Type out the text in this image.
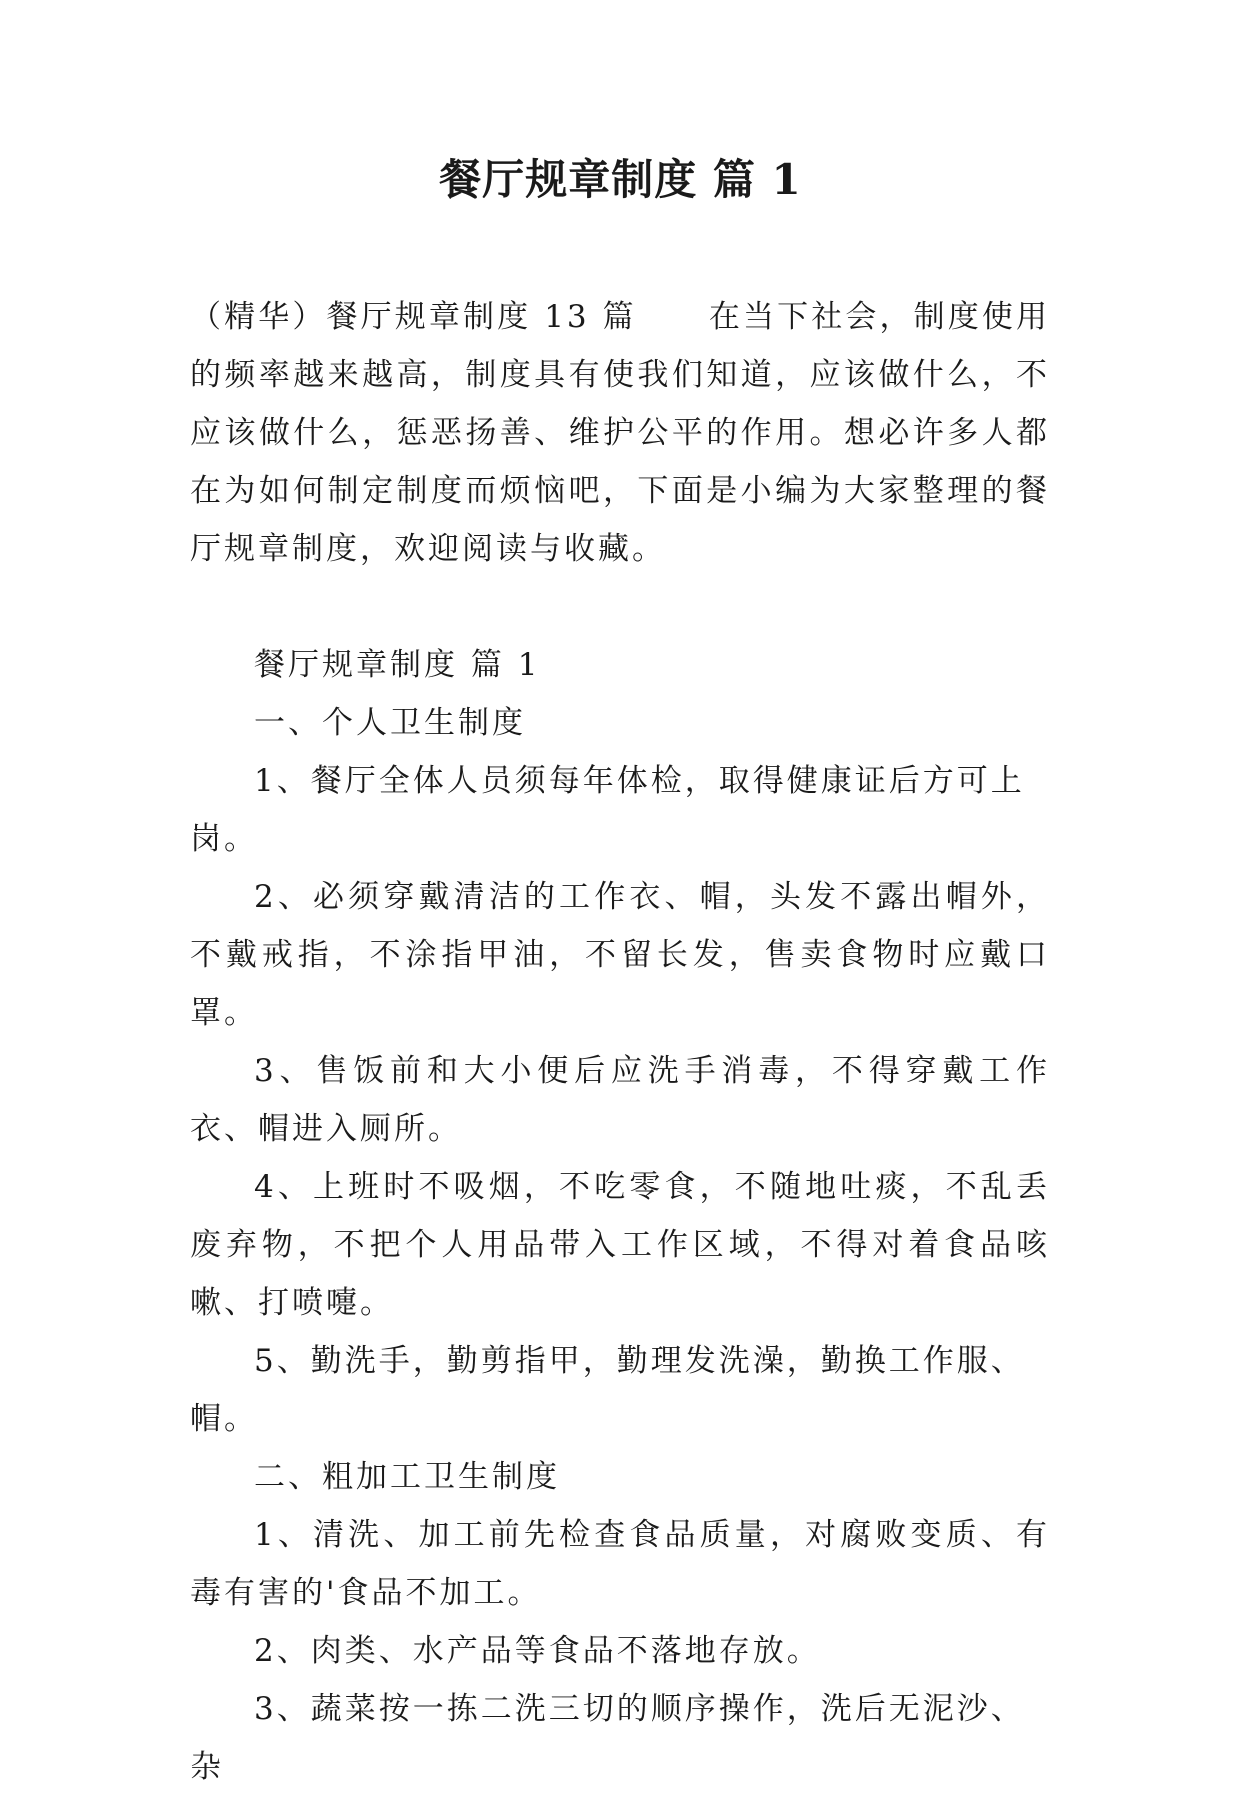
餐厅规章制度 篇 1

（精华）餐厅规章制度 13 篇 在当下社会，制度使用的频率越来越高，制度具有使我们知道，应该做什么，不应该做什么，惩恶扬善、维护公平的作用。想必许多人都在为如何制定制度而烦恼吧，下面是小编为大家整理的餐厅规章制度，欢迎阅读与收藏。

餐厅规章制度 篇 1

一、个人卫生制度

1、餐厅全体人员须每年体检，取得健康证后方可上岗。

2、必须穿戴清洁的工作衣、帽，头发不露出帽外，不戴戒指，不涂指甲油，不留长发，售卖食物时应戴口罩。

3、售饭前和大小便后应洗手消毒，不得穿戴工作衣、帽进入厕所。

4、上班时不吸烟，不吃零食，不随地吐痰，不乱丢废弃物，不把个人用品带入工作区域，不得对着食品咳嗽、打喷嚏。

5、勤洗手，勤剪指甲，勤理发洗澡，勤换工作服、帽。

二、粗加工卫生制度

1、清洗、加工前先检查食品质量，对腐败变质、有毒有害的'食品不加工。

2、肉类、水产品等食品不落地存放。

3、蔬菜按一拣二洗三切的顺序操作，洗后无泥沙、杂
